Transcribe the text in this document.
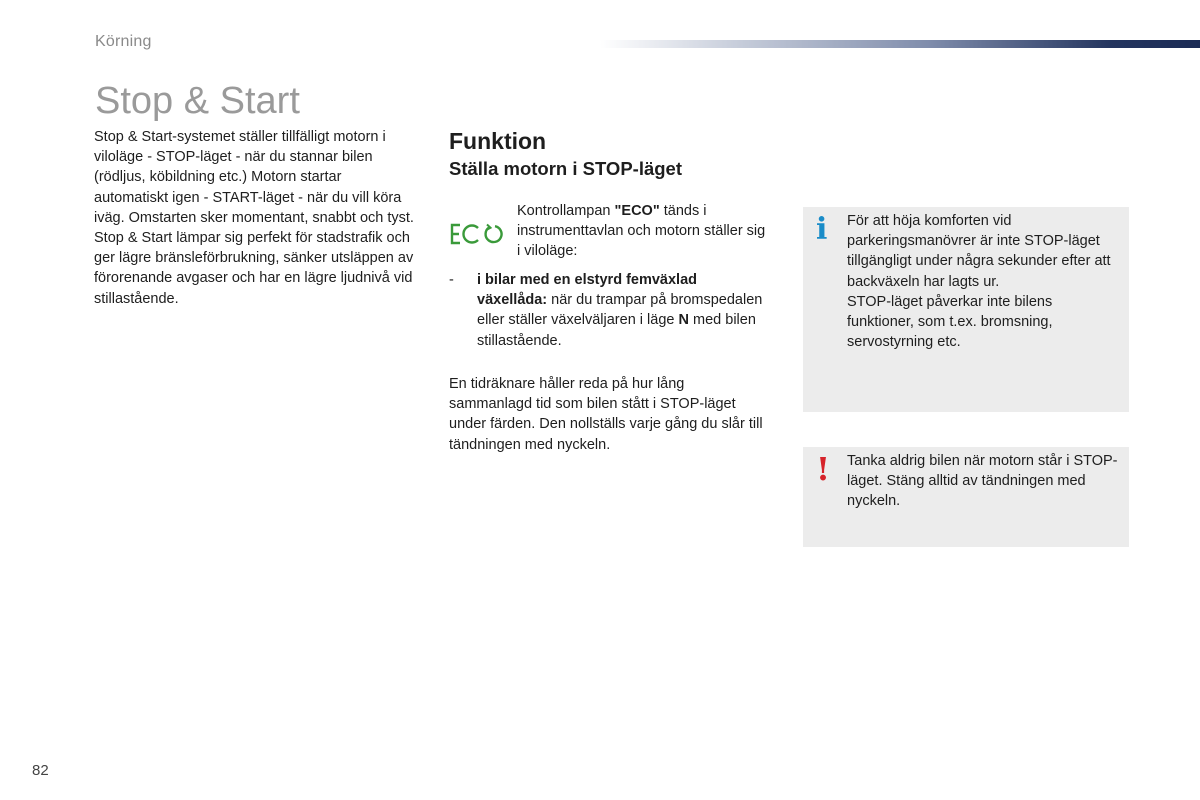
Körning
Stop & Start

Stop & Start-systemet ställer tillfälligt motorn i viloläge - STOP-läget - när du stannar bilen (rödljus, köbildning etc.) Motorn startar automatiskt igen - START-läget - när du vill köra iväg. Omstarten sker momentant, snabbt och tyst.

Stop & Start lämpar sig perfekt för stadstrafik och ger lägre bränsleförbrukning, sänker utsläppen av förorenande avgaser och har en lägre ljudnivå vid stillastående.

Funktion
Ställa motorn i STOP-läget

Kontrollampan "ECO" tänds i instrumenttavlan och motorn ställer sig i viloläge:

- i bilar med en elstyrd femväxlad växellåda: när du trampar på bromspedalen eller ställer växelväljaren i läge N med bilen stillastående.

En tidräknare håller reda på hur lång sammanlagd tid som bilen stått i STOP-läget under färden. Den nollställs varje gång du slår till tändningen med nyckeln.

i För att höja komforten vid parkeringsmanövrer är inte STOP-läget tillgängligt under några sekunder efter att backväxeln har lagts ur.

STOP-läget påverkar inte bilens funktioner, som t.ex. bromsning, servostyrning etc.

! Tanka aldrig bilen när motorn står i STOP-läget. Stäng alltid av tändningen med nyckeln.

82
